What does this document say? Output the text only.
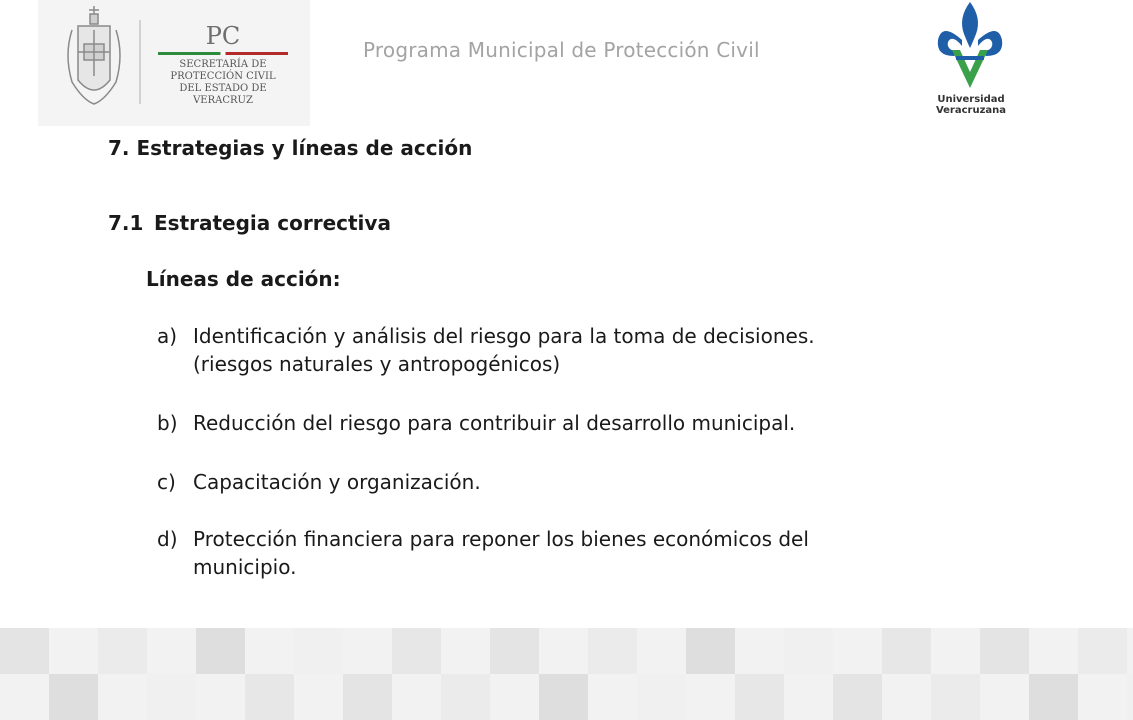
PC
SECRETARÍA DE
PROTECCIÓN CIVIL
DEL ESTADO DE VERACRUZ
Programa Municipal de Protección Civil
Universidad Veracruzana
7. Estrategias y líneas de acción
7.1 Estrategia correctiva
Líneas de acción:
a) Identificación y análisis del riesgo para la toma de decisiones.
(riesgos naturales y antropogénicos)
b) Reducción del riesgo para contribuir al desarrollo municipal.
c) Capacitación y organización.
d) Protección financiera para reponer los bienes económicos del
municipio.
